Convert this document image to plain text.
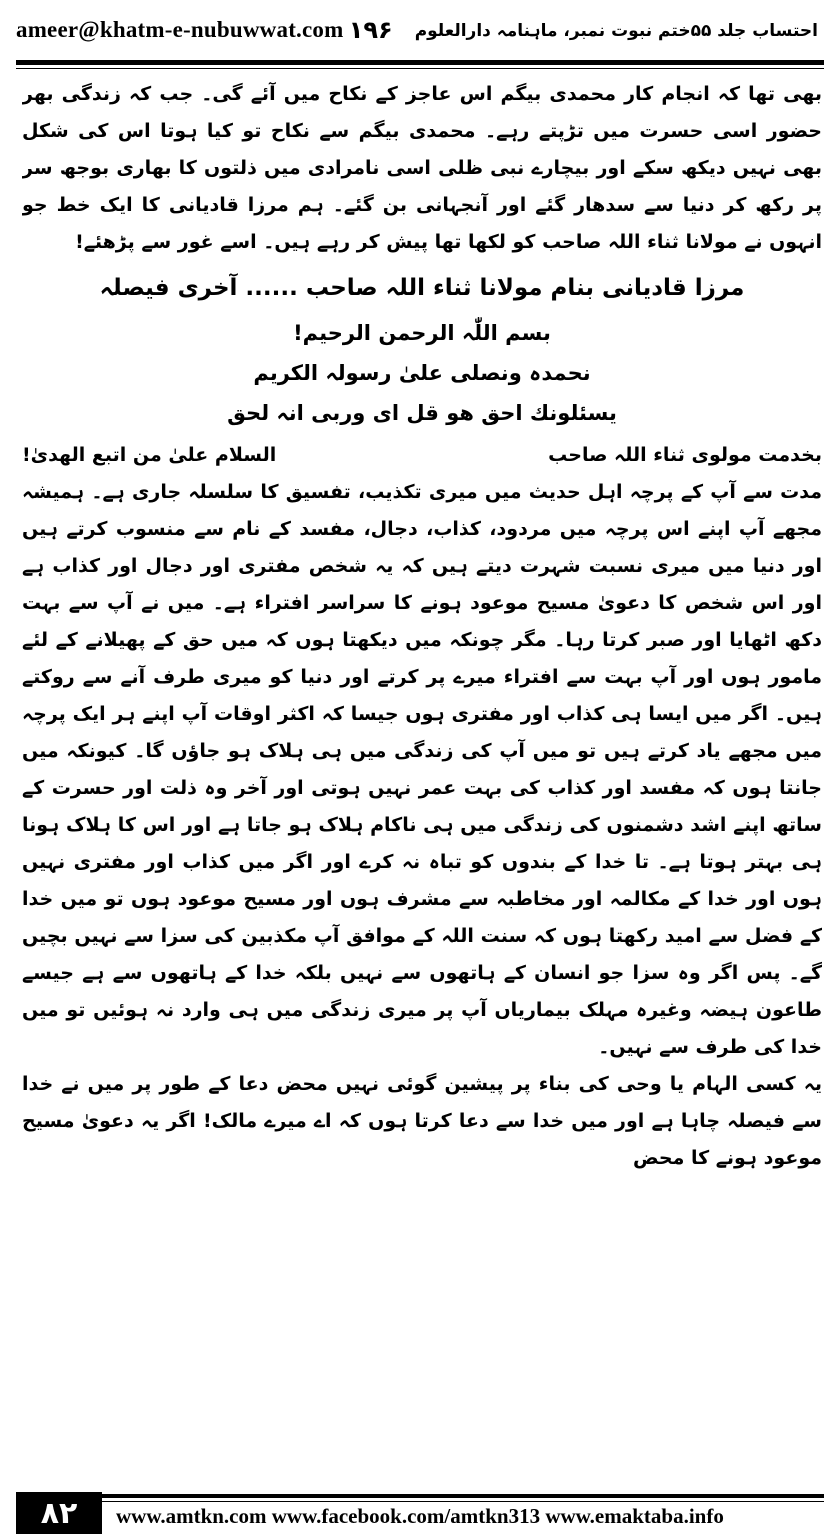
ameer@khatm-e-nubuwwat.com	احتساب جلد ۵۵ختم نبوت نمبر، ماہنامہ دارالعلوم
۱۹۶

بھی تھا کہ انجام کار محمدی بیگم اس عاجز کے نکاح میں آئے گی۔ جب کہ زندگی بھر حضور اسی حسرت میں تڑپتے رہے۔ محمدی بیگم سے نکاح تو کیا ہوتا اس کی شکل بھی نہیں دیکھ سکے اور بیچارے نبی ظلی اسی نامرادی میں ذلتوں کا بھاری بوجھ سر پر رکھ کر دنیا سے سدھار گئے اور آنجہانی بن گئے۔ ہم مرزا قادیانی کا ایک خط جو انہوں نے مولانا ثناء اللہ صاحب کو لکھا تھا پیش کر رہے ہیں۔ اسے غور سے پڑھئے!

مرزا قادیانی بنام مولانا ثناء اللہ صاحب ...... آخری فیصلہ

بسم اللّٰہ الرحمن الرحیم!

نحمدہ ونصلی علیٰ رسولہ الکریم

یسئلونك احق ھو قل ای وربی انہ لحق

بخدمت مولوی ثناء اللہ صاحب
السلام علیٰ من اتبع الھدیٰ!

مدت سے آپ کے پرچہ اہل حدیث میں میری تکذیب، تفسیق کا سلسلہ جاری ہے۔ ہمیشہ مجھے آپ اپنے اس پرچہ میں مردود، کذاب، دجال، مفسد کے نام سے منسوب کرتے ہیں اور دنیا میں میری نسبت شہرت دیتے ہیں کہ یہ شخص مفتری اور دجال اور کذاب ہے اور اس شخص کا دعویٰ مسیح موعود ہونے کا سراسر افتراء ہے۔ میں نے آپ سے بہت دکھ اٹھایا اور صبر کرتا رہا۔ مگر چونکہ میں دیکھتا ہوں کہ میں حق کے پھیلانے کے لئے مامور ہوں اور آپ بہت سے افتراء میرے پر کرتے اور دنیا کو میری طرف آنے سے روکتے ہیں۔ اگر میں ایسا ہی کذاب اور مفتری ہوں جیسا کہ اکثر اوقات آپ اپنے ہر ایک پرچہ میں مجھے یاد کرتے ہیں تو میں آپ کی زندگی میں ہی ہلاک ہو جاؤں گا۔ کیونکہ میں جانتا ہوں کہ مفسد اور کذاب کی بہت عمر نہیں ہوتی اور آخر وہ ذلت اور حسرت کے ساتھ اپنے اشد دشمنوں کی زندگی میں ہی ناکام ہلاک ہو جاتا ہے اور اس کا ہلاک ہونا ہی بہتر ہوتا ہے۔ تا خدا کے بندوں کو تباہ نہ کرے اور اگر میں کذاب اور مفتری نہیں ہوں اور خدا کے مکالمہ اور مخاطبہ سے مشرف ہوں اور مسیح موعود ہوں تو میں خدا کے فضل سے امید رکھتا ہوں کہ سنت اللہ کے موافق آپ مکذبین کی سزا سے نہیں بچیں گے۔ پس اگر وہ سزا جو انسان کے ہاتھوں سے نہیں بلکہ خدا کے ہاتھوں سے ہے جیسے طاعون ہیضہ وغیرہ مہلک بیماریاں آپ پر میری زندگی میں ہی وارد نہ ہوئیں تو میں خدا کی طرف سے نہیں۔

یہ کسی الہام یا وحی کی بناء پر پیشین گوئی نہیں محض دعا کے طور پر میں نے خدا سے فیصلہ چاہا ہے اور میں خدا سے دعا کرتا ہوں کہ اے میرے مالک! اگر یہ دعویٰ مسیح موعود ہونے کا محض

۸۲	www.amtkn.com www.facebook.com/amtkn313 www.emaktaba.info
